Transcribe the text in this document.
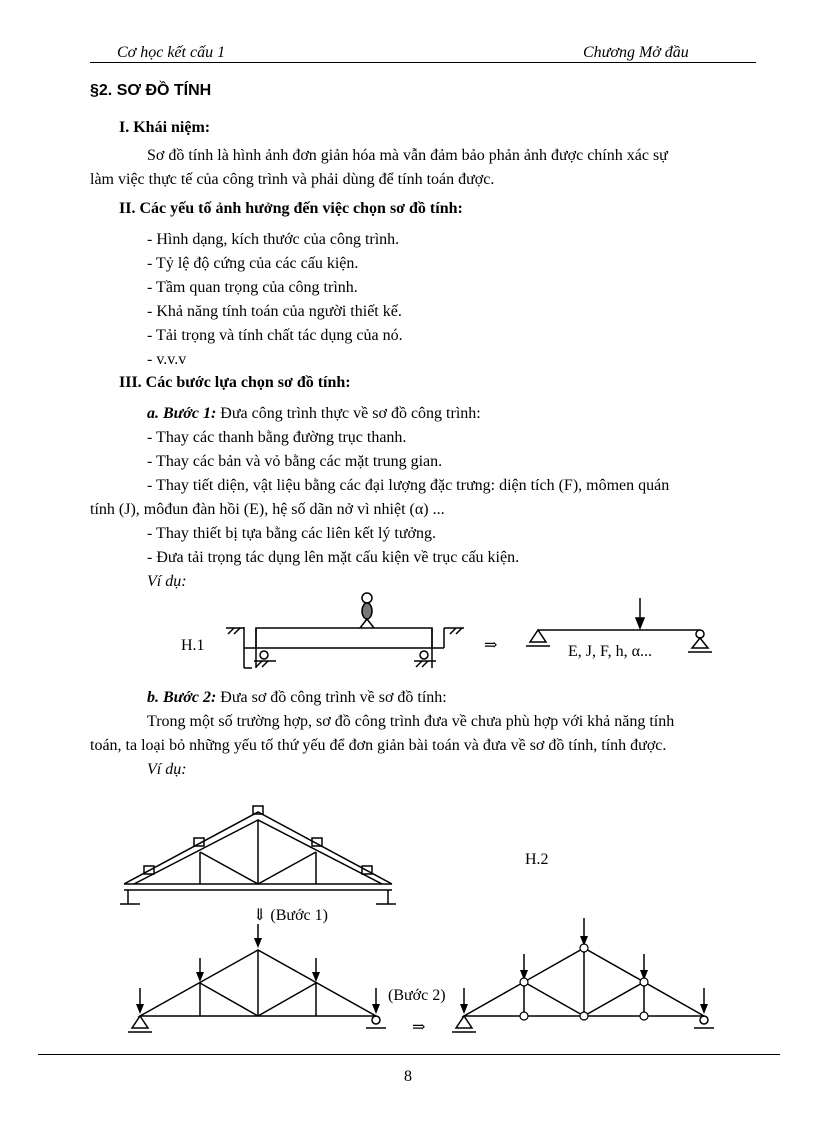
Cơ học kết cấu 1	Chương Mở đầu
§2. SƠ ĐỒ TÍNH
I. Khái niệm:
Sơ đồ tính là hình ảnh đơn giản hóa mà vẫn đảm bảo phản ảnh được chính xác sự
làm việc thực tế của công trình và phải dùng để tính toán được.
II. Các yếu tố ảnh hưởng đến việc chọn sơ đồ tính:
- Hình dạng, kích thước của công trình.
- Tỷ lệ độ cứng của các cấu kiện.
- Tầm quan trọng của công trình.
- Khả năng tính toán của người thiết kế.
- Tải trọng và tính chất tác dụng của nó.
- v.v.v
III. Các bước lựa chọn sơ đồ tính:
a. Bước 1: Đưa công trình thực về sơ đồ công trình:
- Thay các thanh bằng đường trục thanh.
- Thay các bản và vỏ bằng các mặt trung gian.
- Thay tiết diện, vật liệu bằng các đại lượng đặc trưng: diện tích (F), mômen quán
tính (J), môđun đàn hồi (E), hệ số dãn nở vì nhiệt (α) ...
- Thay thiết bị tựa bằng các liên kết lý tưởng.
- Đưa tải trọng tác dụng lên mặt cấu kiện về trục cấu kiện.
Ví dụ:
H.1	⇒	E, J, F, h, α...
b. Bước 2: Đưa sơ đồ công trình về sơ đồ tính:
Trong một số trường hợp, sơ đồ công trình đưa về chưa phù hợp với khả năng tính
toán, ta loại bỏ những yếu tố thứ yếu để đơn giản bài toán và đưa về sơ đồ tính, tính được.
Ví dụ:
H.2
⇓ (Bước 1)
(Bước 2)
⇒
8
